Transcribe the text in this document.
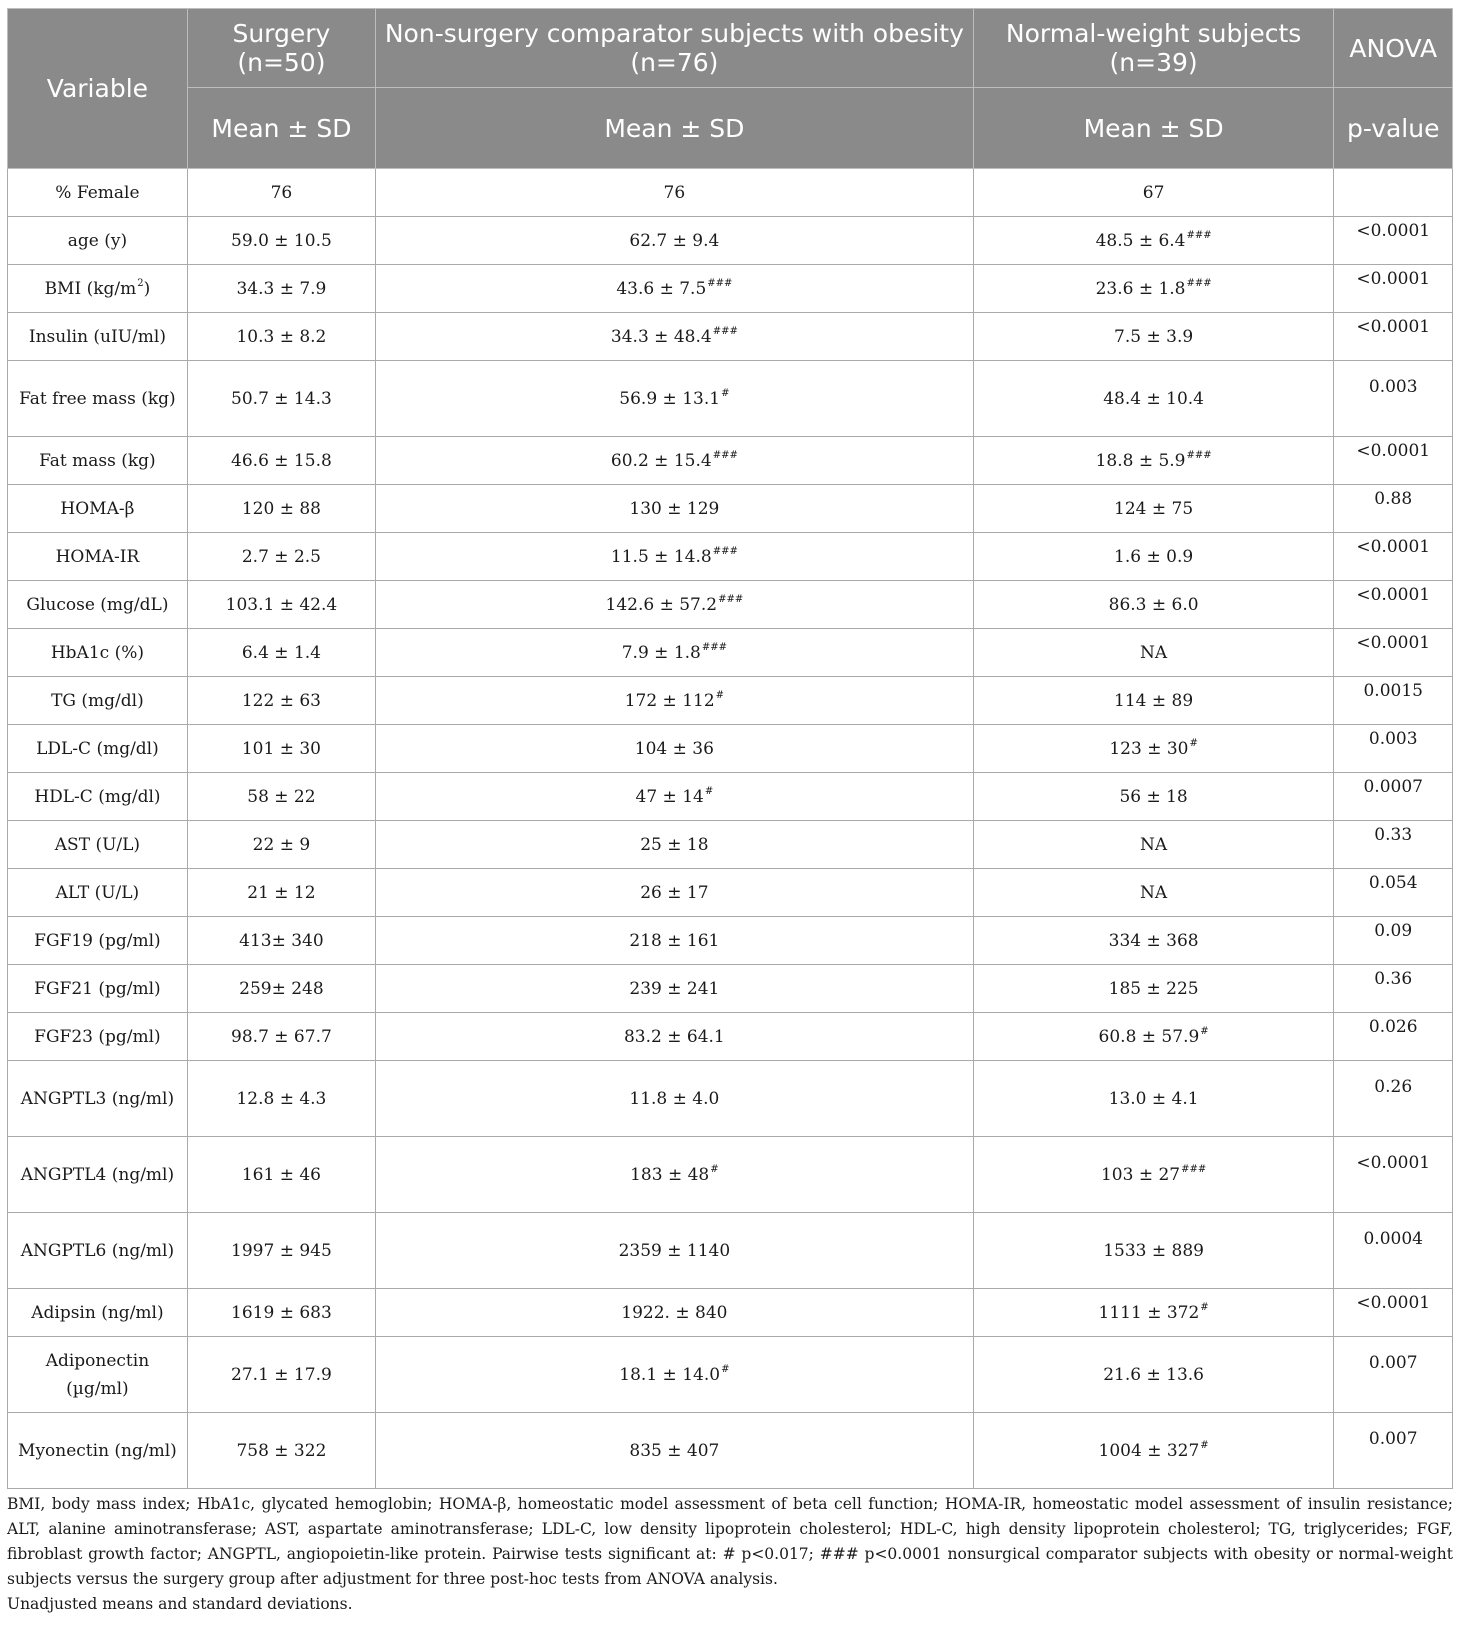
Variable	Surgery (n=50)	Non-surgery comparator subjects with obesity (n=76)	Normal-weight subjects (n=39)	ANOVA
	Mean ± SD	Mean ± SD	Mean ± SD	p-value
% Female	76	76	67	
age (y)	59.0 ± 10.5	62.7 ± 9.4	48.5 ± 6.4###	<0.0001
BMI $(kg/m^2)$	34.3 ± 7.9	43.6 ± 7.5###	23.6 ± 1.8###	<0.0001
Insulin (uIU/ml)	10.3 ± 8.2	34.3 ± 48.4###	7.5 ± 3.9	<0.0001
Fat free mass (kg)	50.7 ± 14.3	56.9 ± 13.1#	48.4 ± 10.4	0.003
Fat mass (kg)	46.6 ± 15.8	60.2 ± 15.4###	18.8 ± 5.9###	<0.0001
HOMA-β	120 ± 88	130 ± 129	124 ± 75	0.88
HOMA-IR	2.7 ± 2.5	11.5 ± 14.8###	1.6 ± 0.9	<0.0001
Glucose (mg/dL)	103.1 ± 42.4	142.6 ± 57.2###	86.3 ± 6.0	<0.0001
HbA1c (%)	6.4 ± 1.4	7.9 ± 1.8###	NA	<0.0001
TG (mg/dl)	122 ± 63	172 ± 112#	114 ± 89	0.0015
LDL-C (mg/dl)	101 ± 30	104 ± 36	123 ± 30#	0.003
HDL-C (mg/dl)	58 ± 22	47 ± 14#	56 ± 18	0.0007
AST (U/L)	22 ± 9	25 ± 18	NA	0.33
ALT (U/L)	21 ± 12	26 ± 17	NA	0.054
FGF19 (pg/ml)	413± 340	218 ± 161	334 ± 368	0.09
FGF21 (pg/ml)	259± 248	239 ± 241	185 ± 225	0.36
FGF23 (pg/ml)	98.7 ± 67.7	83.2 ± 64.1	60.8 ± 57.9#	0.026
ANGPTL3 (ng/ml)	12.8 ± 4.3	11.8 ± 4.0	13.0 ± 4.1	0.26
ANGPTL4 (ng/ml)	161 ± 46	183 ± 48#	103 ± 27###	<0.0001
ANGPTL6 (ng/ml)	1997 ± 945	2359 ± 1140	1533 ± 889	0.0004
Adipsin (ng/ml)	1619 ± 683	1922. ± 840	1111 ± 372#	<0.0001
Adiponectin (µg/ml)	27.1 ± 17.9	18.1 ± 14.0#	21.6 ± 13.6	0.007
Myonectin (ng/ml)	758 ± 322	835 ± 407	1004 ± 327#	0.007

BMI, body mass index; HbA1c, glycated hemoglobin; HOMA-β, homeostatic model assessment of beta cell function; HOMA-IR, homeostatic model assessment of insulin resistance; ALT, alanine aminotransferase; AST, aspartate aminotransferase; LDL-C, low density lipoprotein cholesterol; HDL-C, high density lipoprotein cholesterol; TG, triglycerides; FGF, fibroblast growth factor; ANGPTL, angiopoietin-like protein. Pairwise tests significant at: # p<0.017; ### p<0.0001 nonsurgical comparator subjects with obesity or normal-weight subjects versus the surgery group after adjustment for three post-hoc tests from ANOVA analysis.

Unadjusted means and standard deviations.
